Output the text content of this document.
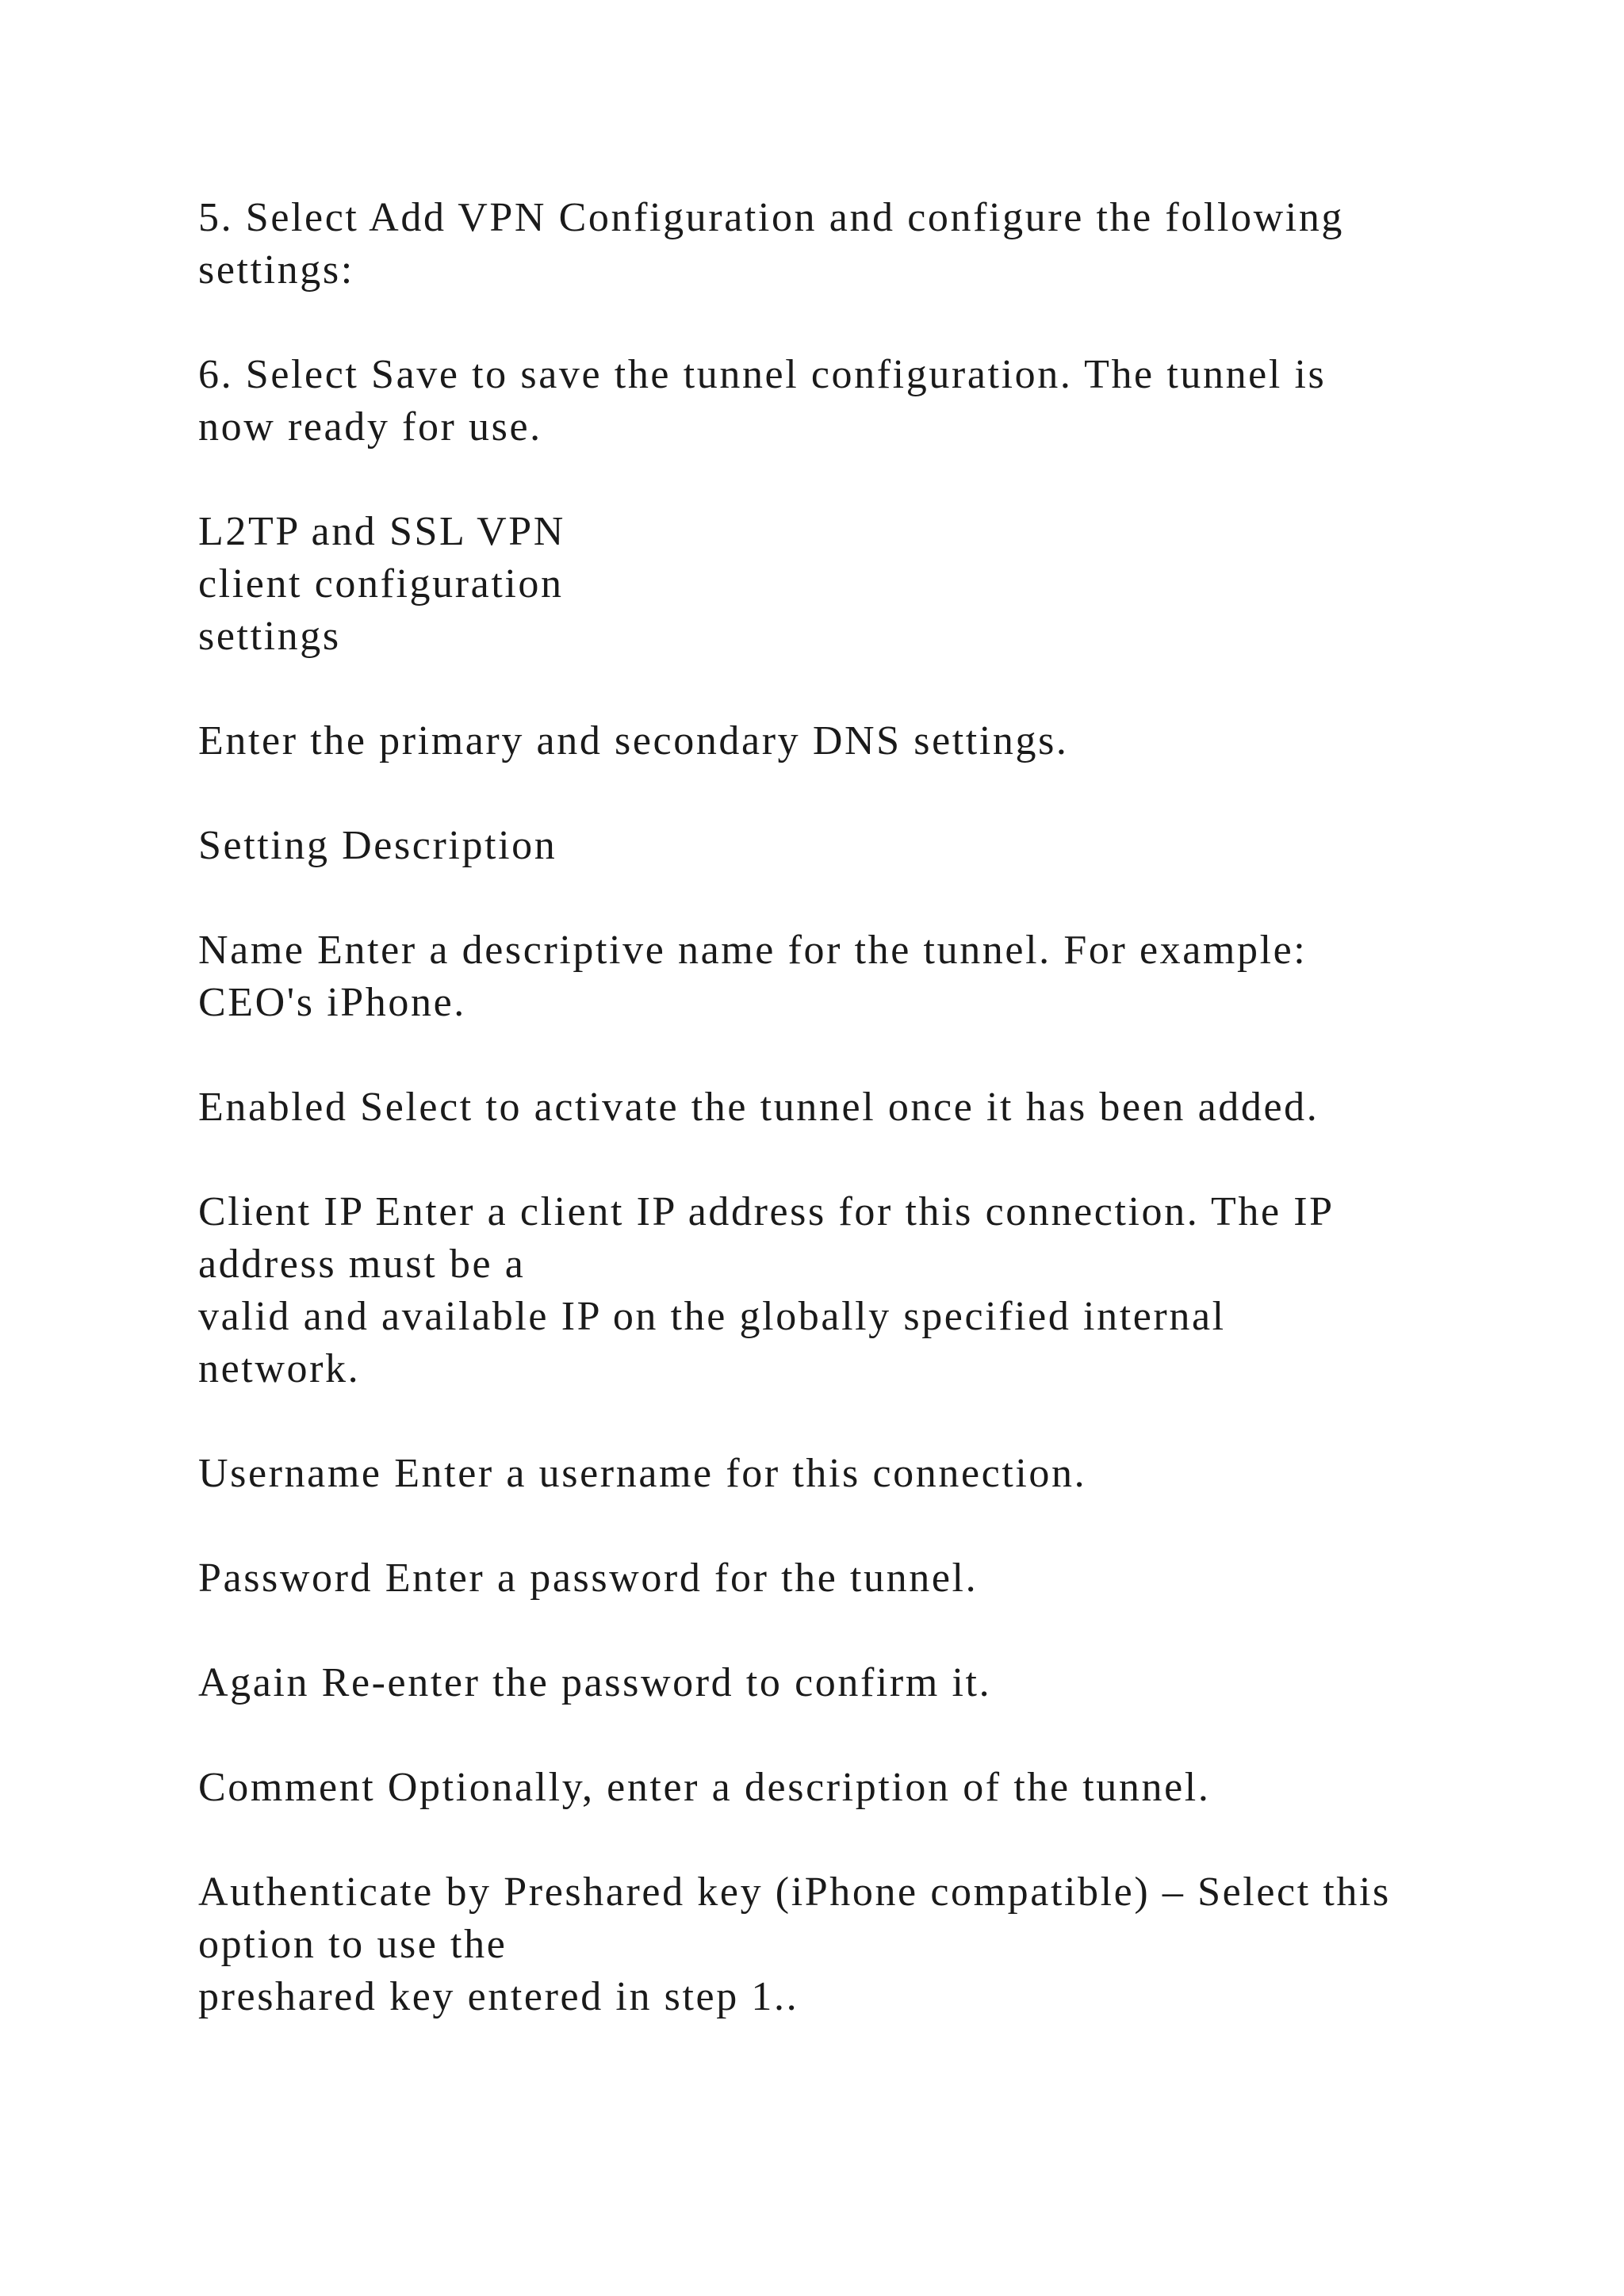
5. Select Add VPN Configuration and configure the following
settings:

6. Select Save to save the tunnel configuration. The tunnel is
now ready for use.

L2TP and SSL VPN
client configuration
settings

Enter the primary and secondary DNS settings.

Setting Description

Name Enter a descriptive name for the tunnel. For example:
CEO's iPhone.

Enabled Select to activate the tunnel once it has been added.

Client IP Enter a client IP address for this connection. The IP
address must be a
valid and available IP on the globally specified internal
network.

Username Enter a username for this connection.

Password Enter a password for the tunnel.

Again Re-enter the password to confirm it.

Comment Optionally, enter a description of the tunnel.

Authenticate by Preshared key (iPhone compatible) – Select this
option to use the
preshared key entered in step 1..
